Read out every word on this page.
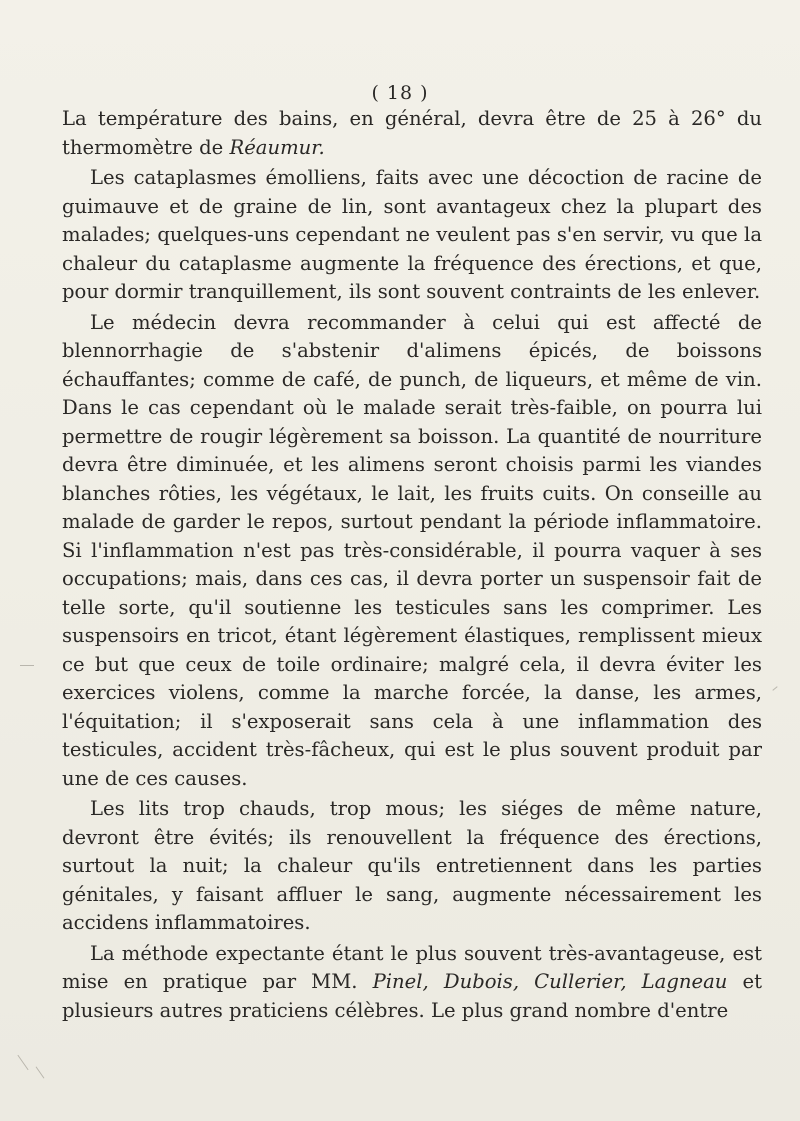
( 18 )

La température des bains, en général, devra être de 25 à 26° du thermomètre de Réaumur.

Les cataplasmes émolliens, faits avec une décoction de racine de guimauve et de graine de lin, sont avantageux chez la plupart des malades; quelques-uns cependant ne veulent pas s'en servir, vu que la chaleur du cataplasme augmente la fréquence des érections, et que, pour dormir tranquillement, ils sont souvent contraints de les enlever.

Le médecin devra recommander à celui qui est affecté de blennorrhagie de s'abstenir d'alimens épicés, de boissons échauffantes; comme de café, de punch, de liqueurs, et même de vin. Dans le cas cependant où le malade serait très-faible, on pourra lui permettre de rougir légèrement sa boisson. La quantité de nourriture devra être diminuée, et les alimens seront choisis parmi les viandes blanches rôties, les végétaux, le lait, les fruits cuits. On conseille au malade de garder le repos, surtout pendant la période inflammatoire. Si l'inflammation n'est pas très-considérable, il pourra vaquer à ses occupations; mais, dans ces cas, il devra porter un suspensoir fait de telle sorte, qu'il soutienne les testicules sans les comprimer. Les suspensoirs en tricot, étant légèrement élastiques, remplissent mieux ce but que ceux de toile ordinaire; malgré cela, il devra éviter les exercices violens, comme la marche forcée, la danse, les armes, l'équitation; il s'exposerait sans cela à une inflammation des testicules, accident très-fâcheux, qui est le plus souvent produit par une de ces causes.

Les lits trop chauds, trop mous; les siéges de même nature, devront être évités; ils renouvellent la fréquence des érections, surtout la nuit; la chaleur qu'ils entretiennent dans les parties génitales, y faisant affluer le sang, augmente nécessairement les accidens inflammatoires.

La méthode expectante étant le plus souvent très-avantageuse, est mise en pratique par MM. Pinel, Dubois, Cullerier, Lagneau et plusieurs autres praticiens célèbres. Le plus grand nombre d'entre
